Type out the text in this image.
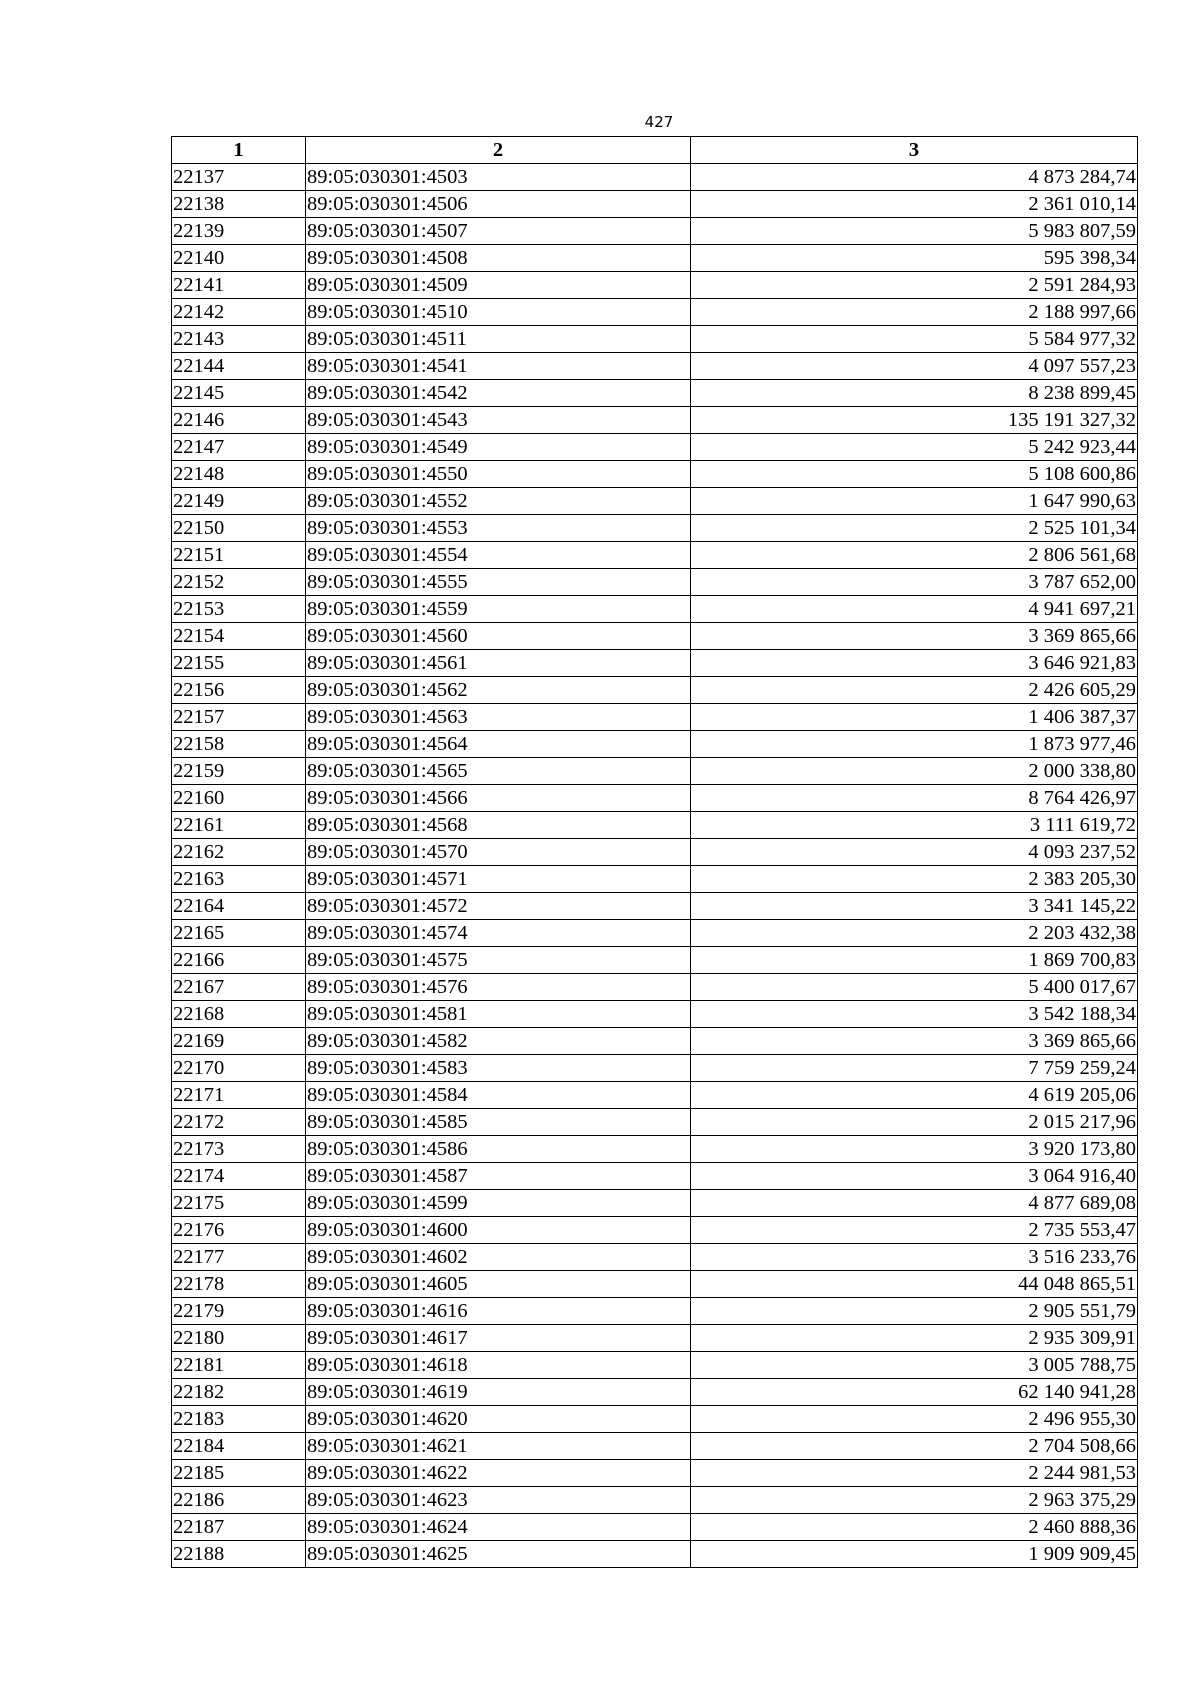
427
1	2	3
22137	89:05:030301:4503	4 873 284,74
22138	89:05:030301:4506	2 361 010,14
22139	89:05:030301:4507	5 983 807,59
22140	89:05:030301:4508	595 398,34
22141	89:05:030301:4509	2 591 284,93
22142	89:05:030301:4510	2 188 997,66
22143	89:05:030301:4511	5 584 977,32
22144	89:05:030301:4541	4 097 557,23
22145	89:05:030301:4542	8 238 899,45
22146	89:05:030301:4543	135 191 327,32
22147	89:05:030301:4549	5 242 923,44
22148	89:05:030301:4550	5 108 600,86
22149	89:05:030301:4552	1 647 990,63
22150	89:05:030301:4553	2 525 101,34
22151	89:05:030301:4554	2 806 561,68
22152	89:05:030301:4555	3 787 652,00
22153	89:05:030301:4559	4 941 697,21
22154	89:05:030301:4560	3 369 865,66
22155	89:05:030301:4561	3 646 921,83
22156	89:05:030301:4562	2 426 605,29
22157	89:05:030301:4563	1 406 387,37
22158	89:05:030301:4564	1 873 977,46
22159	89:05:030301:4565	2 000 338,80
22160	89:05:030301:4566	8 764 426,97
22161	89:05:030301:4568	3 111 619,72
22162	89:05:030301:4570	4 093 237,52
22163	89:05:030301:4571	2 383 205,30
22164	89:05:030301:4572	3 341 145,22
22165	89:05:030301:4574	2 203 432,38
22166	89:05:030301:4575	1 869 700,83
22167	89:05:030301:4576	5 400 017,67
22168	89:05:030301:4581	3 542 188,34
22169	89:05:030301:4582	3 369 865,66
22170	89:05:030301:4583	7 759 259,24
22171	89:05:030301:4584	4 619 205,06
22172	89:05:030301:4585	2 015 217,96
22173	89:05:030301:4586	3 920 173,80
22174	89:05:030301:4587	3 064 916,40
22175	89:05:030301:4599	4 877 689,08
22176	89:05:030301:4600	2 735 553,47
22177	89:05:030301:4602	3 516 233,76
22178	89:05:030301:4605	44 048 865,51
22179	89:05:030301:4616	2 905 551,79
22180	89:05:030301:4617	2 935 309,91
22181	89:05:030301:4618	3 005 788,75
22182	89:05:030301:4619	62 140 941,28
22183	89:05:030301:4620	2 496 955,30
22184	89:05:030301:4621	2 704 508,66
22185	89:05:030301:4622	2 244 981,53
22186	89:05:030301:4623	2 963 375,29
22187	89:05:030301:4624	2 460 888,36
22188	89:05:030301:4625	1 909 909,45
